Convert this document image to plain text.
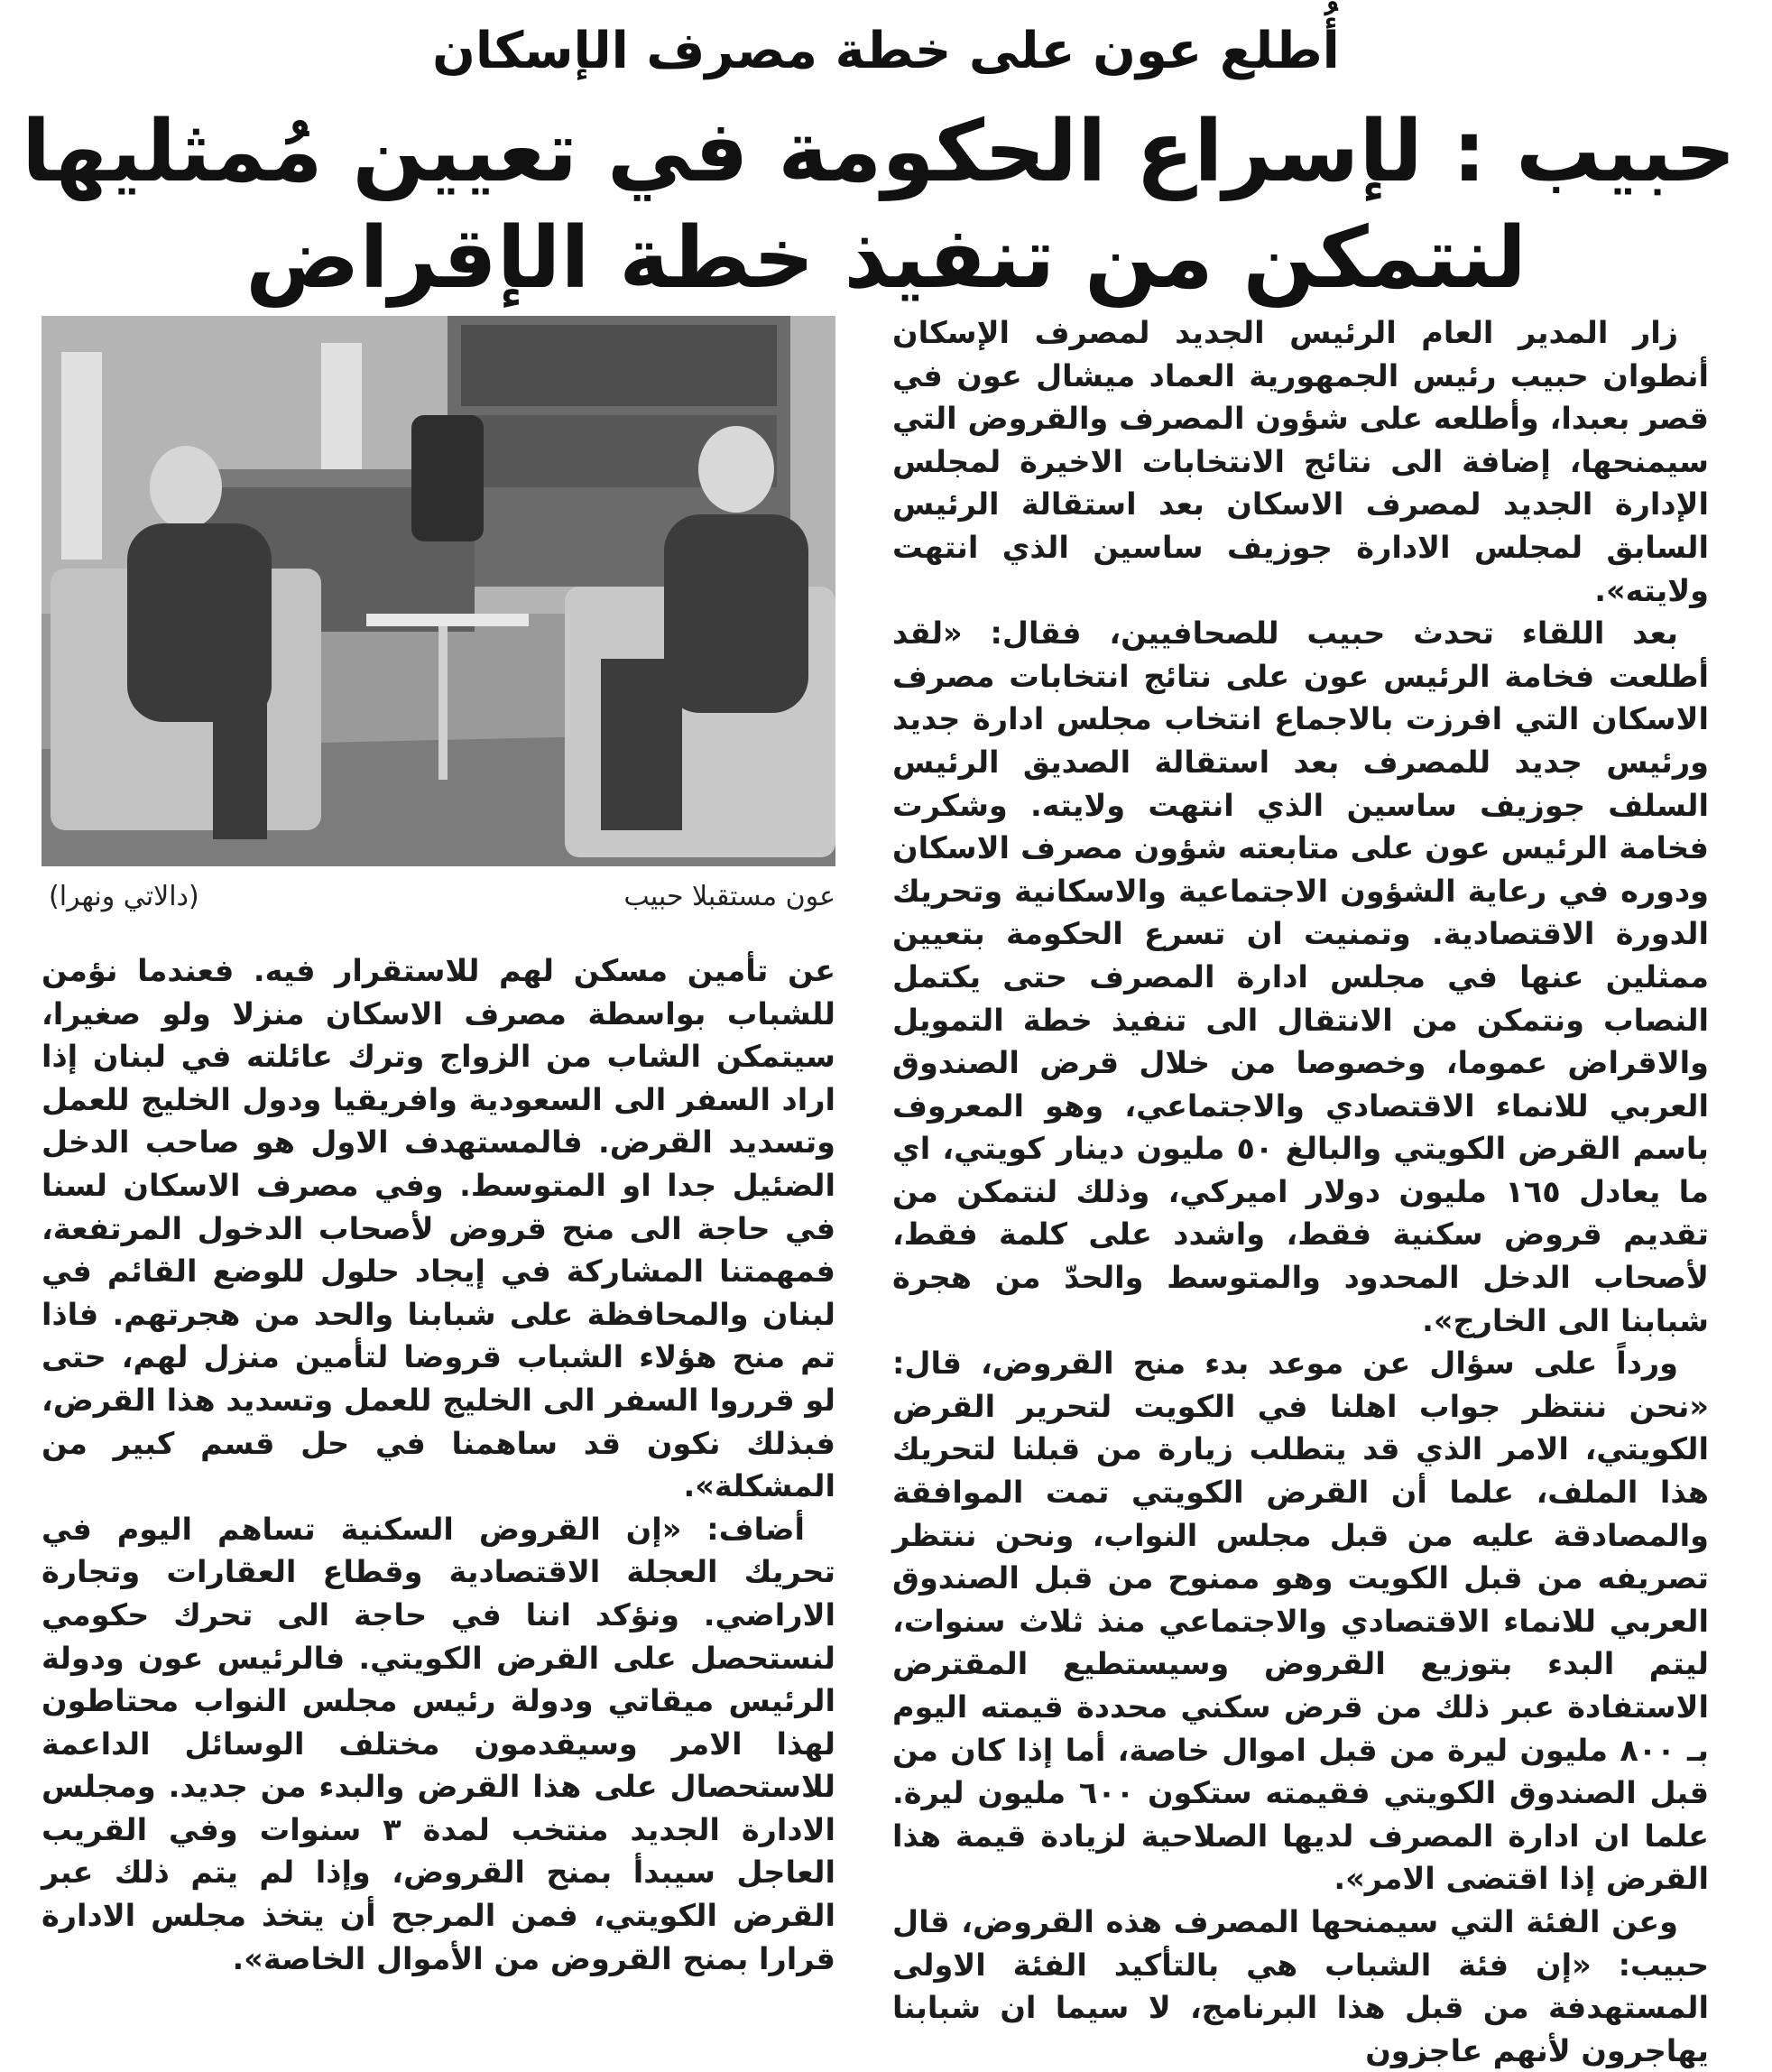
أُطلع عون على خطة مصرف الإسكان
حبيب : لإسراع الحكومة في تعيين مُمثليها
لنتمكن من تنفيذ خطة الإقراض

زار المدير العام الرئيس الجديد لمصرف الإسكان أنطوان حبيب رئيس الجمهورية العماد ميشال عون في قصر بعبدا، وأطلعه على شؤون المصرف والقروض التي سيمنحها، إضافة الى نتائج الانتخابات الاخيرة لمجلس الإدارة الجديد لمصرف الاسكان بعد استقالة الرئيس السابق لمجلس الادارة جوزيف ساسين الذي انتهت ولايته».

بعد اللقاء تحدث حبيب للصحافيين، فقال: «لقد أطلعت فخامة الرئيس عون على نتائج انتخابات مصرف الاسكان التي افرزت بالاجماع انتخاب مجلس ادارة جديد ورئيس جديد للمصرف بعد استقالة الصديق الرئيس السلف جوزيف ساسين الذي انتهت ولايته. وشكرت فخامة الرئيس عون على متابعته شؤون مصرف الاسكان ودوره في رعاية الشؤون الاجتماعية والاسكانية وتحريك الدورة الاقتصادية. وتمنيت ان تسرع الحكومة بتعيين ممثلين عنها في مجلس ادارة المصرف حتى يكتمل النصاب ونتمكن من الانتقال الى تنفيذ خطة التمويل والاقراض عموما، وخصوصا من خلال قرض الصندوق العربي للانماء الاقتصادي والاجتماعي، وهو المعروف باسم القرض الكويتي والبالغ ٥٠ مليون دينار كويتي، اي ما يعادل ١٦٥ مليون دولار اميركي، وذلك لنتمكن من تقديم قروض سكنية فقط، واشدد على كلمة فقط، لأصحاب الدخل المحدود والمتوسط والحدّ من هجرة شبابنا الى الخارج».

ورداً على سؤال عن موعد بدء منح القروض، قال: «نحن ننتظر جواب اهلنا في الكويت لتحرير القرض الكويتي، الامر الذي قد يتطلب زيارة من قبلنا لتحريك هذا الملف، علما أن القرض الكويتي تمت الموافقة والمصادقة عليه من قبل مجلس النواب، ونحن ننتظر تصريفه من قبل الكويت وهو ممنوح من قبل الصندوق العربي للانماء الاقتصادي والاجتماعي منذ ثلاث سنوات، ليتم البدء بتوزيع القروض وسيستطيع المقترض الاستفادة عبر ذلك من قرض سكني محددة قيمته اليوم بـ ٨٠٠ مليون ليرة من قبل اموال خاصة، أما إذا كان من قبل الصندوق الكويتي فقيمته ستكون ٦٠٠ مليون ليرة. علما ان ادارة المصرف لديها الصلاحية لزيادة قيمة هذا القرض إذا اقتضى الامر».

وعن الفئة التي سيمنحها المصرف هذه القروض، قال حبيب: «إن فئة الشباب هي بالتأكيد الفئة الاولى المستهدفة من قبل هذا البرنامج، لا سيما ان شبابنا يهاجرون لأنهم عاجزون

عون مستقبلا حبيب
(دالاتي ونهرا)

عن تأمين مسكن لهم للاستقرار فيه. فعندما نؤمن للشباب بواسطة مصرف الاسكان منزلا ولو صغيرا، سيتمكن الشاب من الزواج وترك عائلته في لبنان إذا اراد السفر الى السعودية وافريقيا ودول الخليج للعمل وتسديد القرض. فالمستهدف الاول هو صاحب الدخل الضئيل جدا او المتوسط. وفي مصرف الاسكان لسنا في حاجة الى منح قروض لأصحاب الدخول المرتفعة، فمهمتنا المشاركة في إيجاد حلول للوضع القائم في لبنان والمحافظة على شبابنا والحد من هجرتهم. فاذا تم منح هؤلاء الشباب قروضا لتأمين منزل لهم، حتى لو قرروا السفر الى الخليج للعمل وتسديد هذا القرض، فبذلك نكون قد ساهمنا في حل قسم كبير من المشكلة».

أضاف: «إن القروض السكنية تساهم اليوم في تحريك العجلة الاقتصادية وقطاع العقارات وتجارة الاراضي. ونؤكد اننا في حاجة الى تحرك حكومي لنستحصل على القرض الكويتي. فالرئيس عون ودولة الرئيس ميقاتي ودولة رئيس مجلس النواب محتاطون لهذا الامر وسيقدمون مختلف الوسائل الداعمة للاستحصال على هذا القرض والبدء من جديد. ومجلس الادارة الجديد منتخب لمدة ٣ سنوات وفي القريب العاجل سيبدأ بمنح القروض، وإذا لم يتم ذلك عبر القرض الكويتي، فمن المرجح أن يتخذ مجلس الادارة قرارا بمنح القروض من الأموال الخاصة».
